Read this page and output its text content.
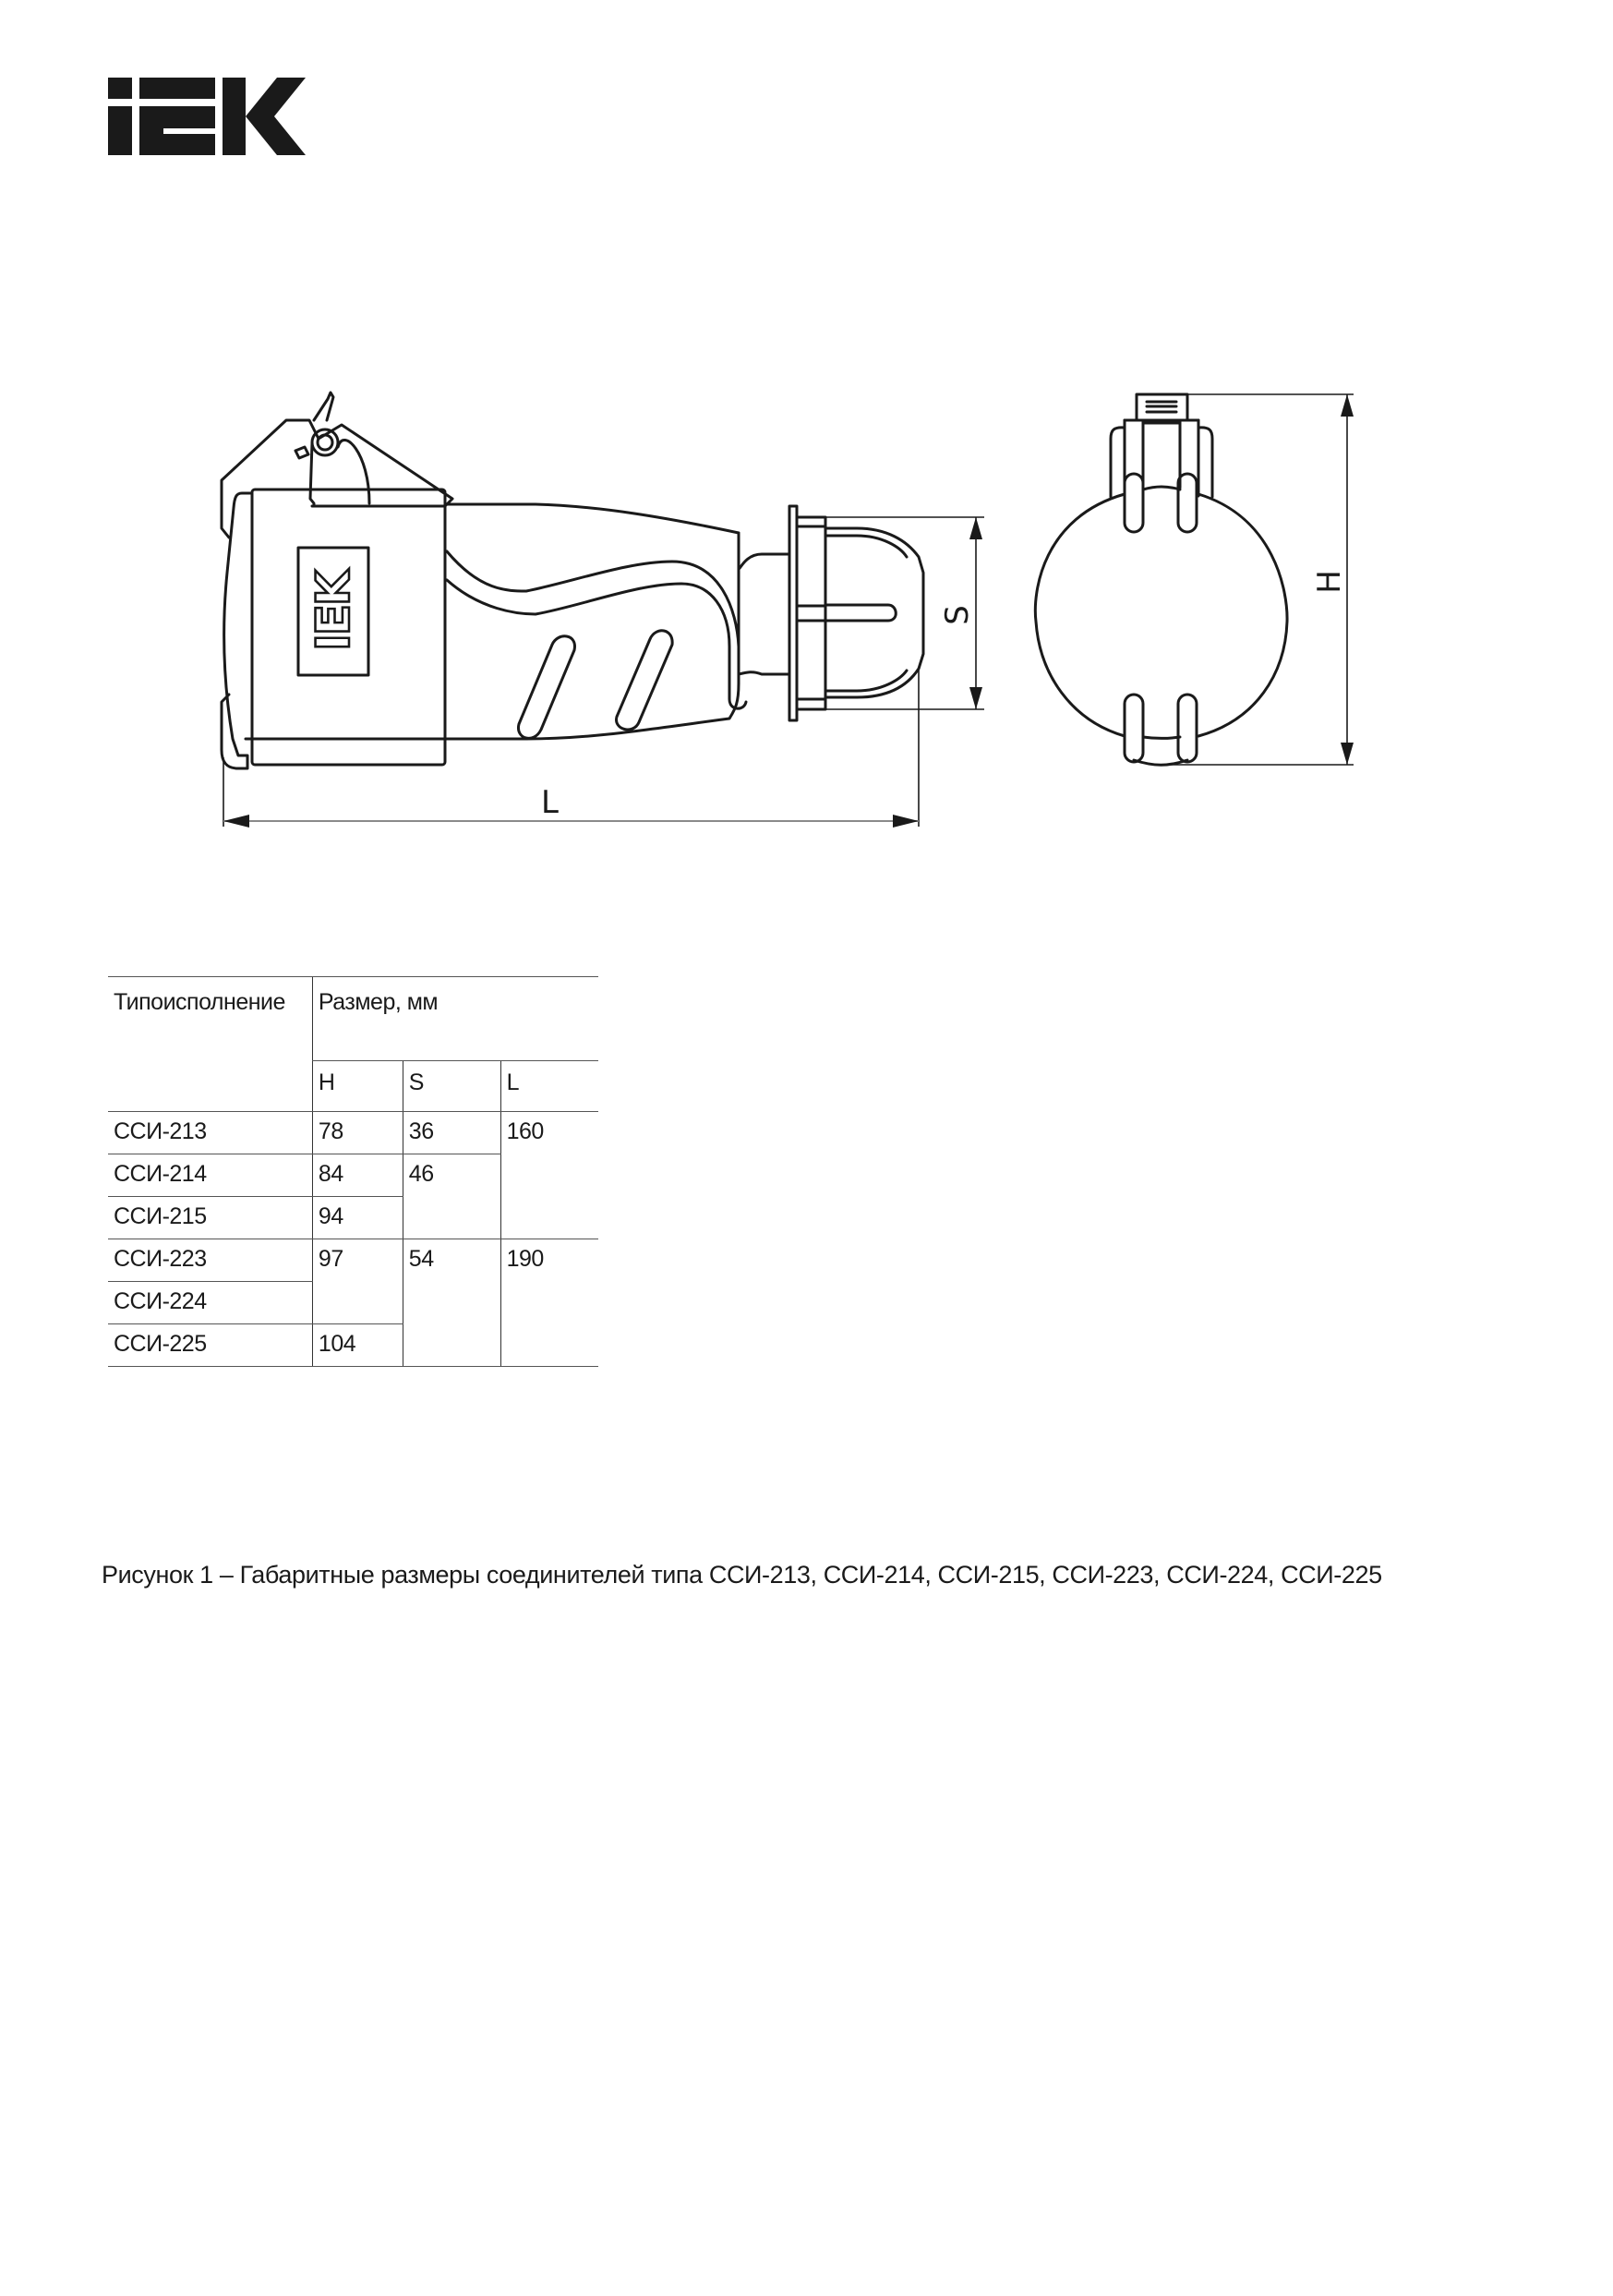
IEK
L
S
H
Типоисполнение	Размер, мм		
	H	S	L
ССИ-213	78	36	160
ССИ-214	84	46	
ССИ-215	94		
ССИ-223	97	54	190
ССИ-224			
ССИ-225	104		
Рисунок 1 – Габаритные размеры соединителей типа ССИ-213, ССИ-214, ССИ-215, ССИ-223, ССИ-224, ССИ-225
